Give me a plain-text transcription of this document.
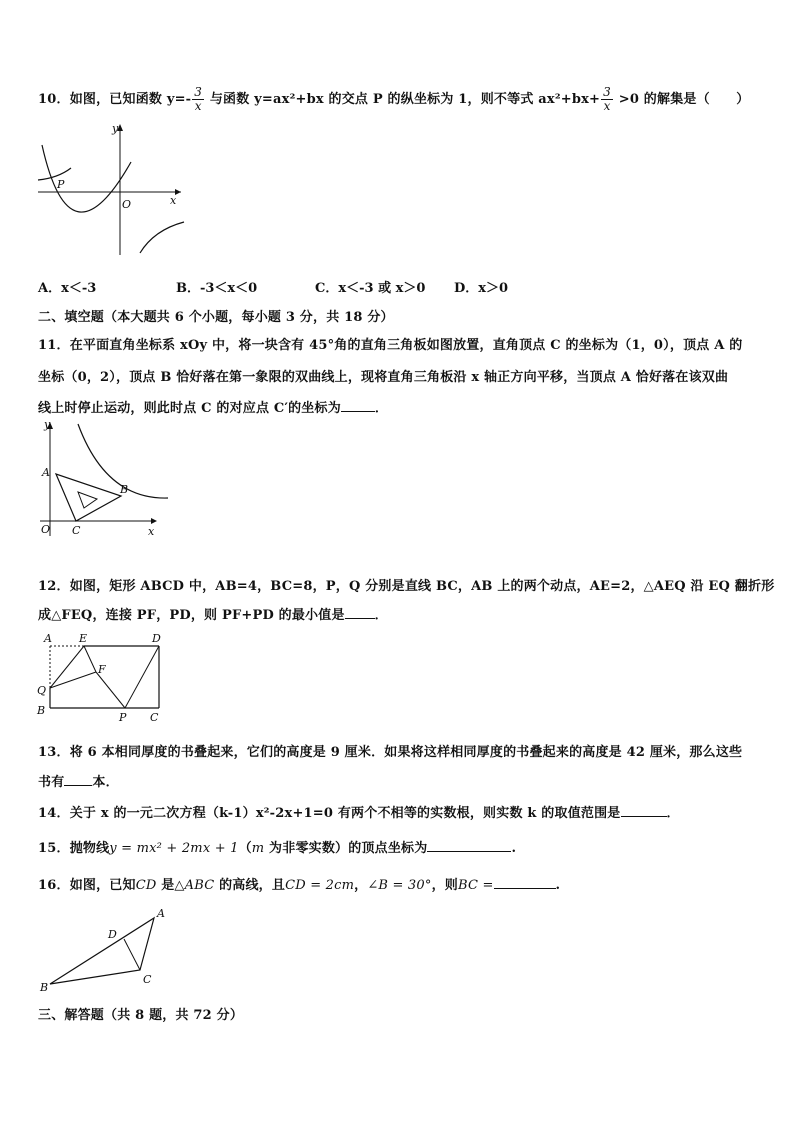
10．如图，已知函数 $y=- \frac{3}{x}$ 与函数 y=ax²+bx 的交点 P 的纵坐标为 1，则不等式 $ax^2+bx+ \frac{3}{x} >0$ 的解集是（　　）
y
x
O
P
A．x＜-3	B．-3＜x＜0	C．x＜-3 或 x＞0 D．x＞0
二、填空题（本大题共 6 个小题，每小题 3 分，共 18 分）
11．在平面直角坐标系 xOy 中，将一块含有 45°角的直角三角板如图放置，直角顶点 C 的坐标为（1，0），顶点 A 的
坐标（0，2），顶点 B 恰好落在第一象限的双曲线上，现将直角三角板沿 x 轴正方向平移，当顶点 A 恰好落在该双曲
线上时停止运动，则此时点 C 的对应点 C′的坐标为	．
y
x
O
A
B
C
12．如图，矩形 ABCD 中，AB=4，BC=8，P，Q 分别是直线 BC，AB 上的两个动点，AE=2，△AEQ 沿 EQ 翻折形
成△FEQ，连接 PF，PD，则 PF+PD 的最小值是 ．
A E	D
F
Q
B
P C
13．将 6 本相同厚度的书叠起来，它们的高度是 9 厘米．如果将这样相同厚度的书叠起来的高度是 42 厘米，那么这些
书有 本．
14．关于 x 的一元二次方程（k-1）x²-2x+1=0 有两个不相等的实数根，则实数 k 的取值范围是	．
15．抛物线y = mx² + 2mx + 1（m 为非零实数）的顶点坐标为	.
16．如图，已知CD 是△ABC 的高线，且CD = 2cm，∠B = 30°，则BC =	.
A
D
B
C
三、解答题（共 8 题，共 72 分）
